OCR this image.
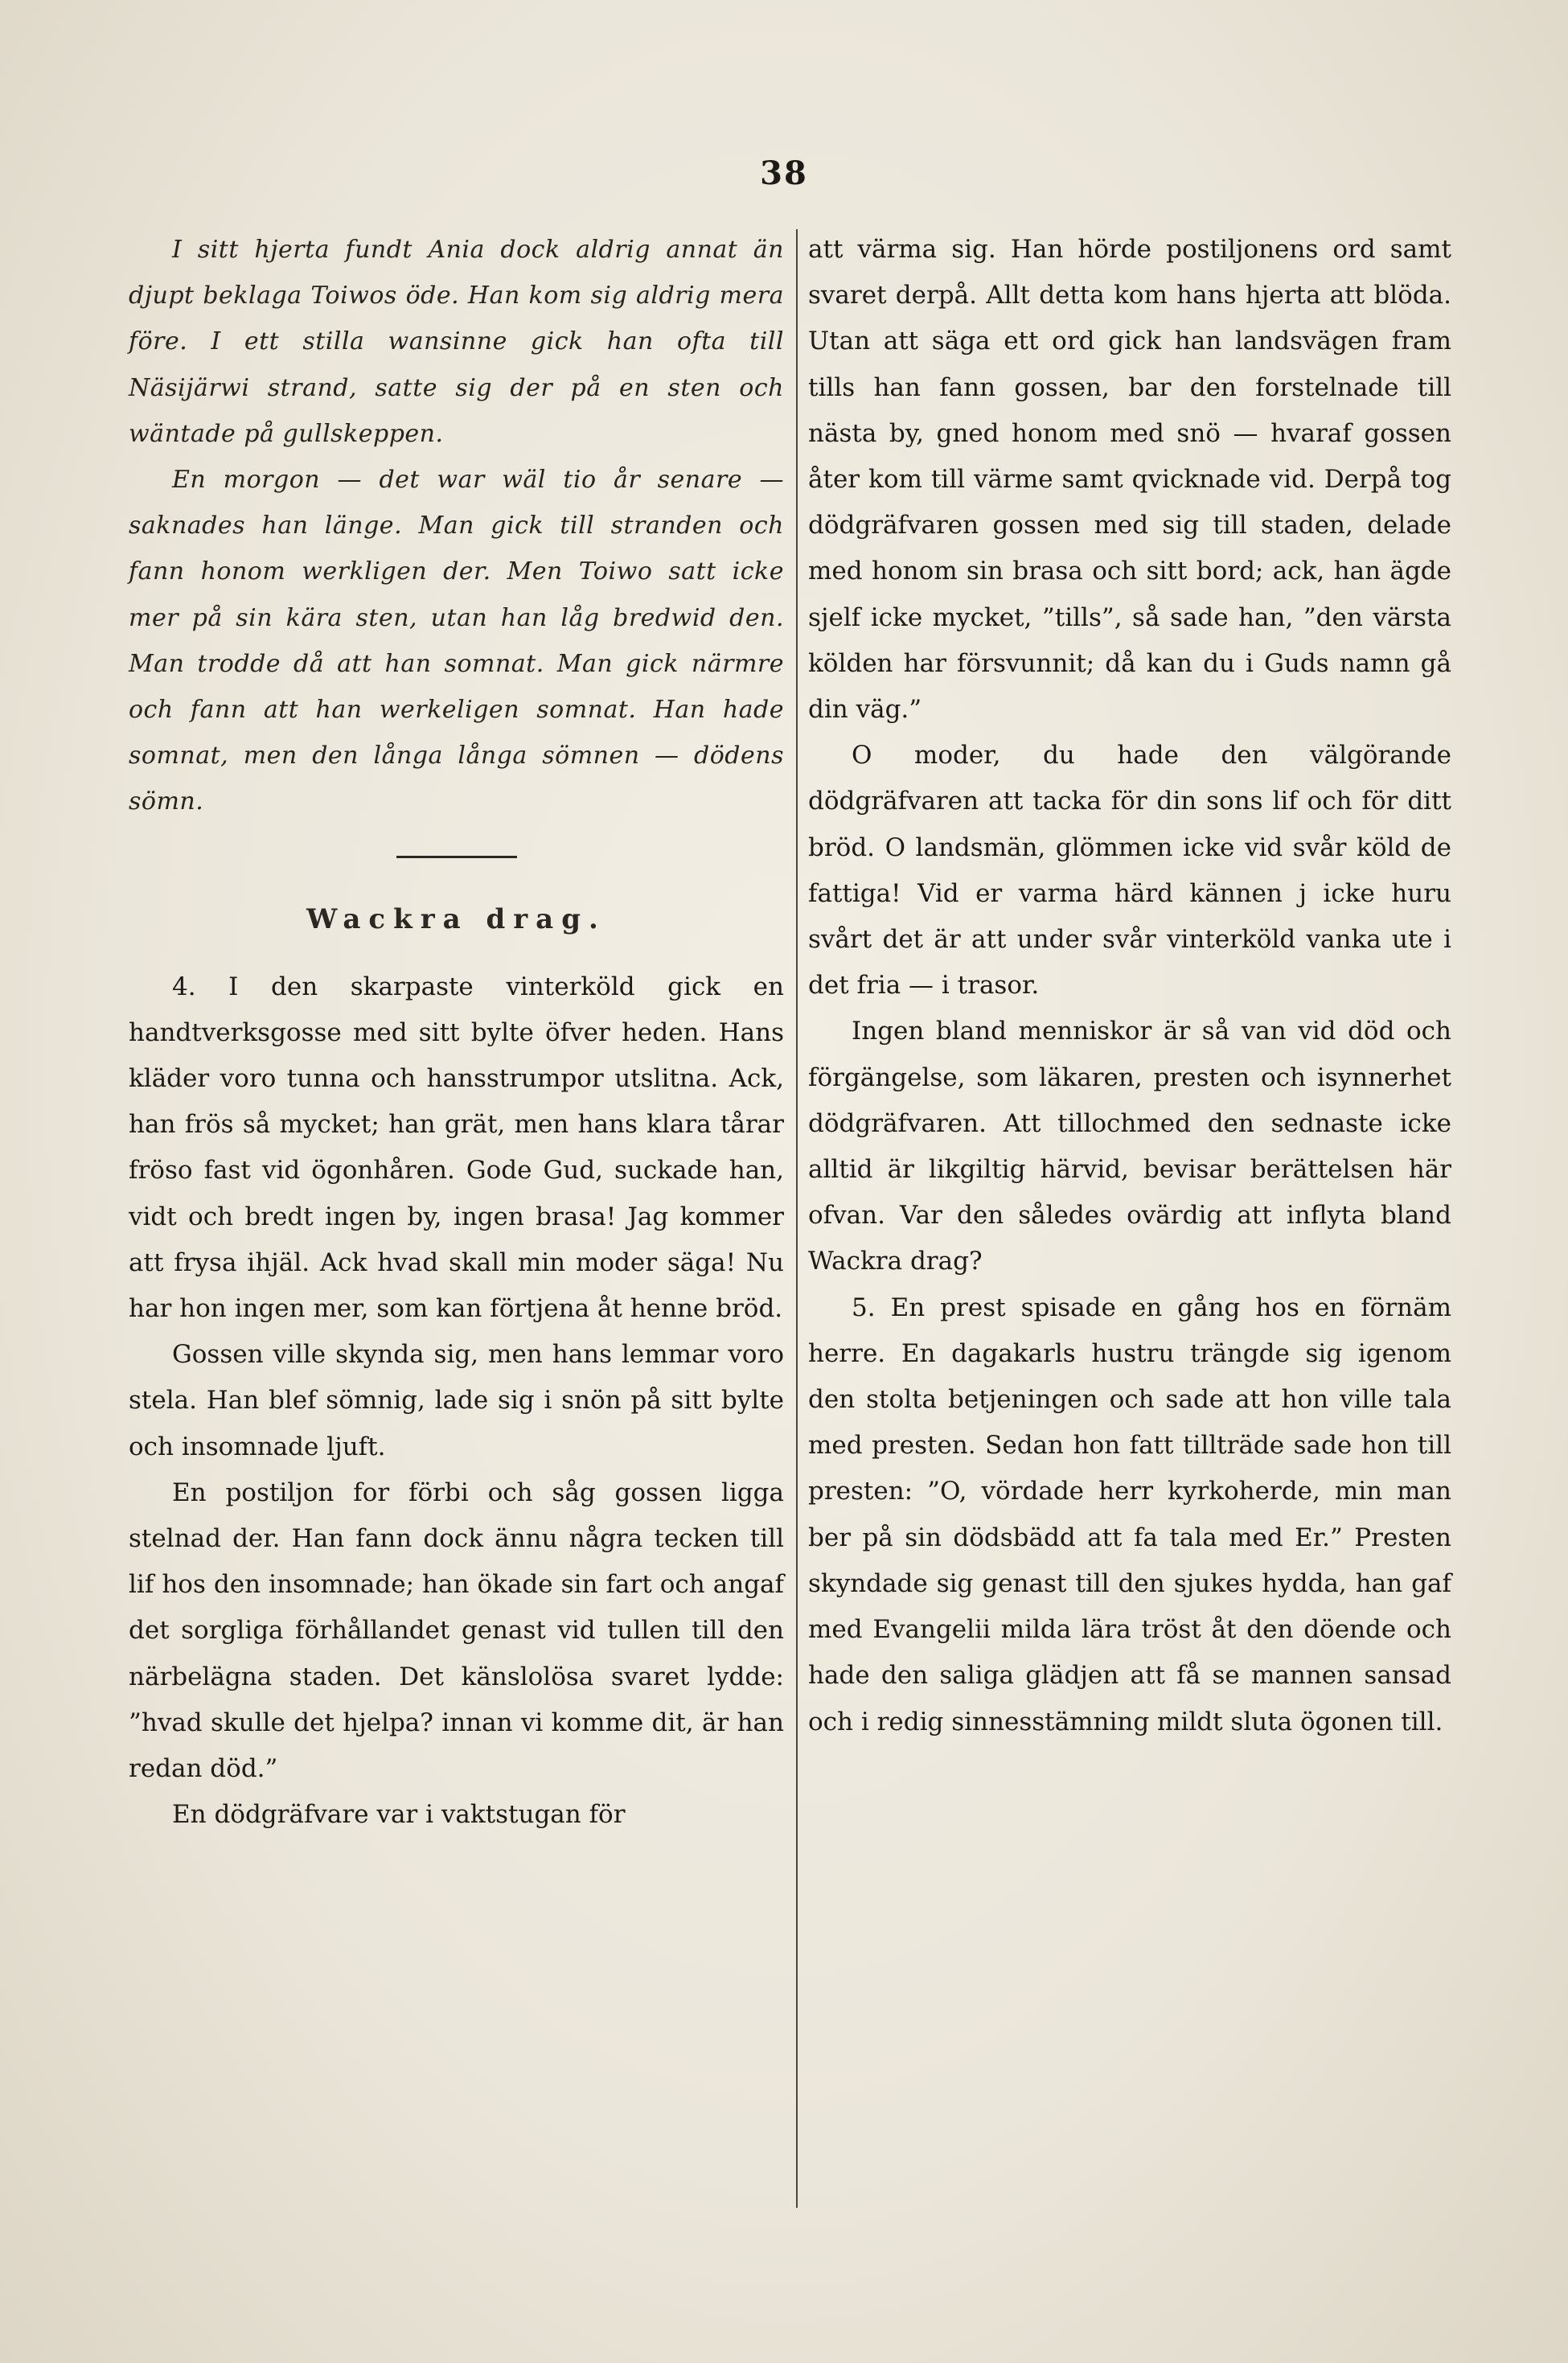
38

I sitt hjerta fundt Ania dock aldrig annat än djupt beklaga Toiwos öde. Han kom sig aldrig mera före. I ett stilla wansinne gick han ofta till Näsijärwi strand, satte sig der på en sten och wäntade på gullskeppen.

En morgon — det war wäl tio år senare — saknades han länge. Man gick till stranden och fann honom werkligen der. Men Toiwo satt icke mer på sin kära sten, utan han låg bredwid den. Man trodde då att han somnat. Man gick närmre och fann att han werkeligen somnat. Han hade somnat, men den långa långa sömnen — dödens sömn.

Wackra drag.

4. I den skarpaste vinterköld gick en handtverksgosse med sitt bylte öfver heden. Hans kläder voro tunna och hansstrumpor utslitna. Ack, han frös så mycket; han grät, men hans klara tårar fröso fast vid ögonhåren. Gode Gud, suckade han, vidt och bredt ingen by, ingen brasa! Jag kommer att frysa ihjäl. Ack hvad skall min moder säga! Nu har hon ingen mer, som kan förtjena åt henne bröd.

Gossen ville skynda sig, men hans lemmar voro stela. Han blef sömnig, lade sig i snön på sitt bylte och insomnade ljuft.

En postiljon for förbi och såg gossen ligga stelnad der. Han fann dock ännu några tecken till lif hos den insomnade; han ökade sin fart och angaf det sorgliga förhållandet genast vid tullen till den närbelägna staden. Det känslolösa svaret lydde: ”hvad skulle det hjelpa? innan vi komme dit, är han redan död.”

En dödgräfvare var i vaktstugan för

att värma sig. Han hörde postiljonens ord samt svaret derpå. Allt detta kom hans hjerta att blöda. Utan att säga ett ord gick han landsvägen fram tills han fann gossen, bar den forstelnade till nästa by, gned honom med snö — hvaraf gossen åter kom till värme samt qvicknade vid. Derpå tog dödgräfvaren gossen med sig till staden, delade med honom sin brasa och sitt bord; ack, han ägde sjelf icke mycket, ”tills”, så sade han, ”den värsta kölden har försvunnit; då kan du i Guds namn gå din väg.”

O moder, du hade den välgörande dödgräfvaren att tacka för din sons lif och för ditt bröd. O landsmän, glömmen icke vid svår köld de fattiga! Vid er varma härd kännen j icke huru svårt det är att under svår vinterköld vanka ute i det fria — i trasor.

Ingen bland menniskor är så van vid död och förgängelse, som läkaren, presten och isynnerhet dödgräfvaren. Att tillochmed den sednaste icke alltid är likgiltig härvid, bevisar berättelsen här ofvan. Var den således ovärdig att inflyta bland Wackra drag?

5. En prest spisade en gång hos en förnäm herre. En dagakarls hustru trängde sig igenom den stolta betjeningen och sade att hon ville tala med presten. Sedan hon fatt tillträde sade hon till presten: ”O, vördade herr kyrkoherde, min man ber på sin dödsbädd att fa tala med Er.” Presten skyndade sig genast till den sjukes hydda, han gaf med Evangelii milda lära tröst åt den döende och hade den saliga glädjen att få se mannen sansad och i redig sinnesstämning mildt sluta ögonen till.
